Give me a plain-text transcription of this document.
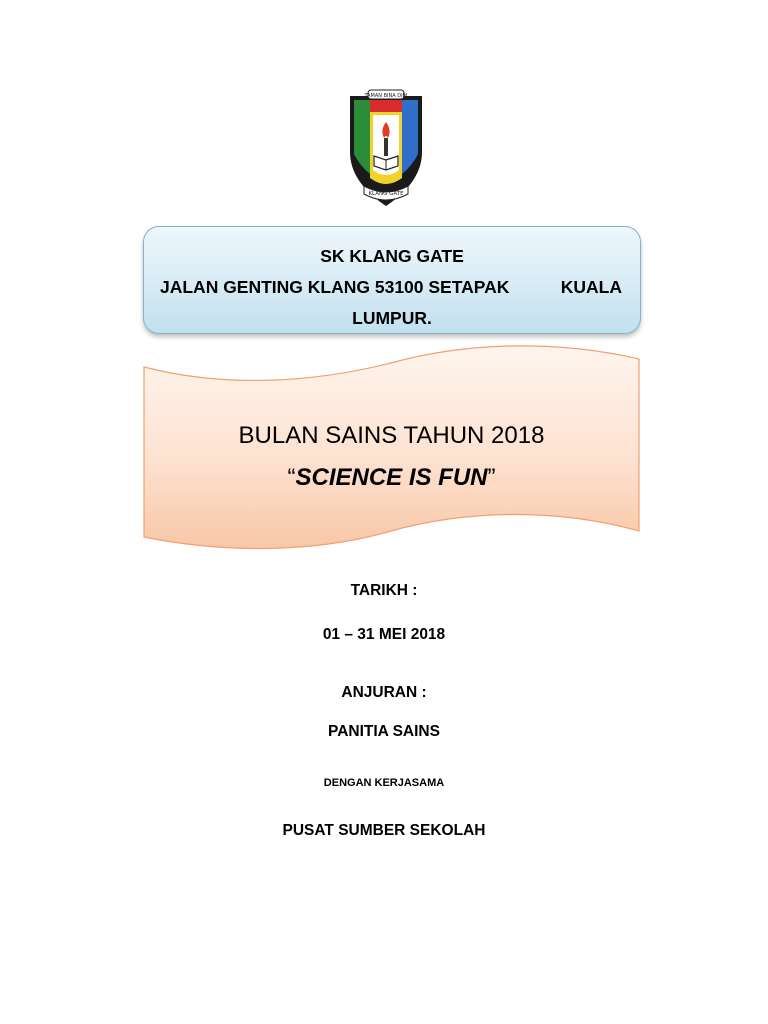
TAMAN BINA DIRI
KLANG GATE
SK KLANG GATE
JALAN GENTING KLANG 53100 SETAPAK	KUALA
LUMPUR.
BULAN SAINS TAHUN 2018
“SCIENCE IS FUN”
TARIKH :
01 – 31 MEI 2018
ANJURAN :
PANITIA SAINS
DENGAN KERJASAMA
PUSAT SUMBER SEKOLAH
